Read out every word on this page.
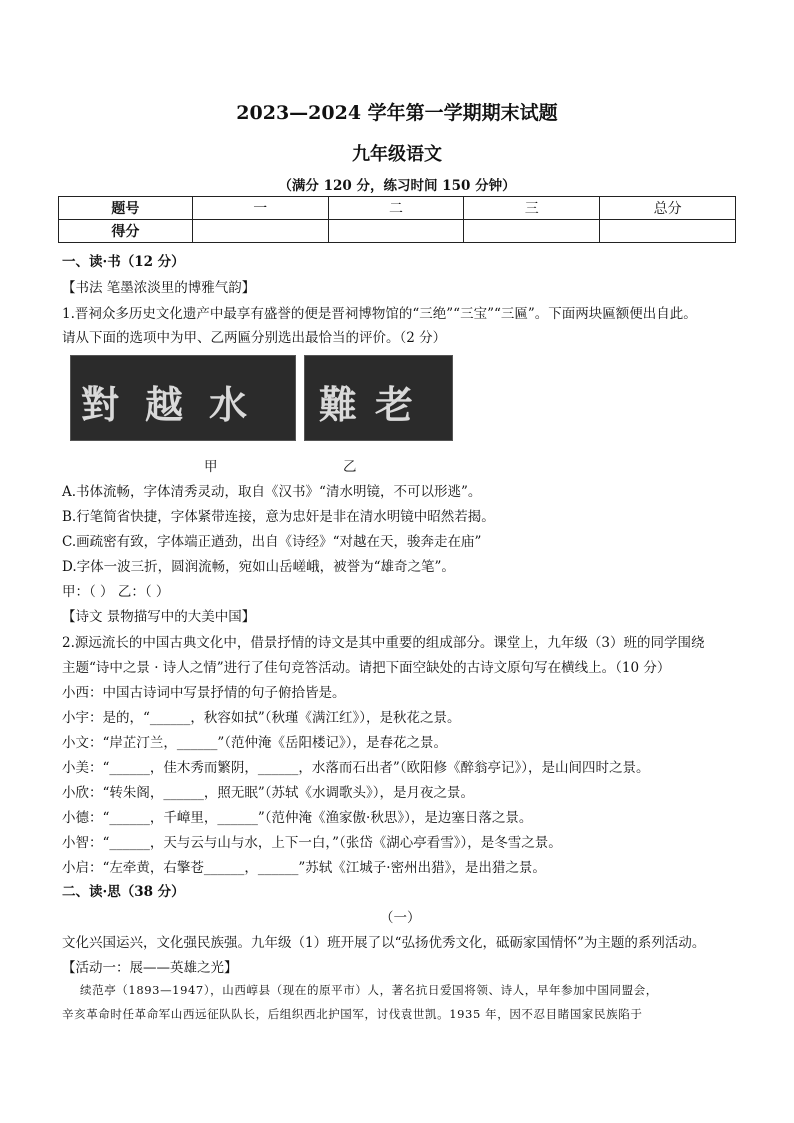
2023—2024 学年第一学期期末试题
九年级语文
（满分 120 分，练习时间 150 分钟）
题号	一	二	三	总分
得分				
一、读·书（12 分）
【书法 笔墨浓淡里的博雅气韵】
1.晋祠众多历史文化遗产中最享有盛誉的便是晋祠博物馆的“三绝”“三宝”“三匾”。下面两块匾额便出自此。
请从下面的选项中为甲、乙两匾分别选出最恰当的评价。（2 分）
對越水 難老
甲	乙
A.书体流畅，字体清秀灵动，取自《汉书》“清水明镜，不可以形逃”。
B.行笔简省快捷，字体紧带连接，意为忠奸是非在清水明镜中昭然若揭。
C.画疏密有致，字体端正遒劲，出自《诗经》“对越在天，骏奔走在庙”
D.字体一波三折，圆润流畅，宛如山岳嵯峨，被誉为“雄奇之笔”。
甲：（ ） 乙：（ ）
【诗文 景物描写中的大美中国】
2.源远流长的中国古典文化中，借景抒情的诗文是其中重要的组成部分。课堂上，九年级（3）班的同学围绕
主题“诗中之景 · 诗人之情”进行了佳句竞答活动。请把下面空缺处的古诗文原句写在横线上。（10 分）
小西：中国古诗词中写景抒情的句子俯拾皆是。
小宇：是的，“______，秋容如拭”（秋瑾《满江红》），是秋花之景。
小文：“岸芷汀兰，______”（范仲淹《岳阳楼记》），是春花之景。
小美：“______，佳木秀而繁阴，______，水落而石出者”（欧阳修《醉翁亭记》），是山间四时之景。
小欣：“转朱阁，______，照无眠”（苏轼《水调歌头》），是月夜之景。
小德：“______，千嶂里，______”（范仲淹《渔家傲·秋思》），是边塞日落之景。
小智：“______，天与云与山与水，上下一白，”（张岱《湖心亭看雪》），是冬雪之景。
小启：“左牵黄，右擎苍______，______”苏轼《江城子·密州出猎》，是出猎之景。
二、读·思（38 分）
（一）
文化兴国运兴，文化强民族强。九年级（1）班开展了以“弘扬优秀文化，砥砺家国情怀”为主题的系列活动。
【活动一：展——英雄之光】
续范亭（1893—1947），山西崞县（现在的原平市）人，著名抗日爱国将领、诗人，早年参加中国同盟会，
辛亥革命时任革命军山西远征队队长，后组织西北护国军，讨伐袁世凯。1935 年，因不忍目睹国家民族陷于
